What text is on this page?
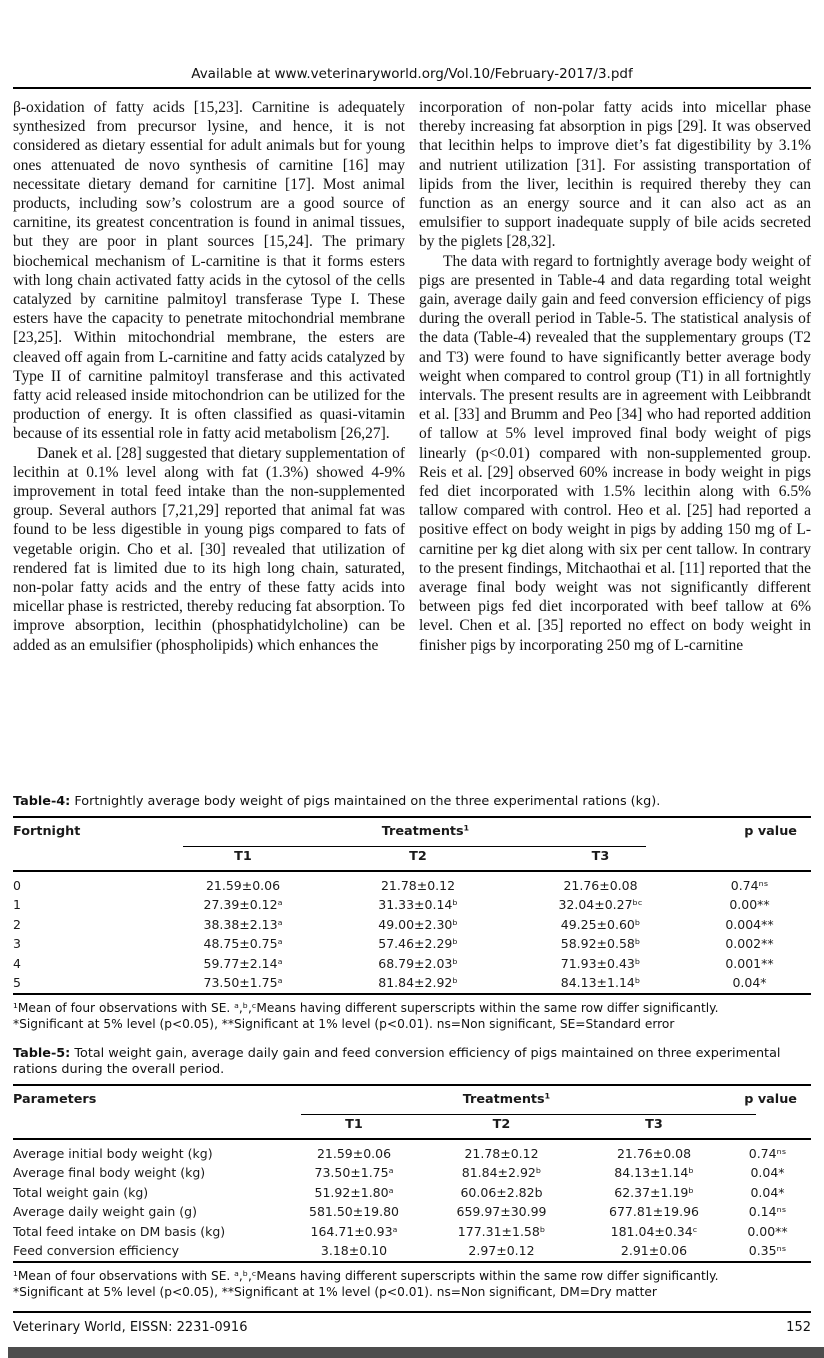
Available at www.veterinaryworld.org/Vol.10/February-2017/3.pdf

β-oxidation of fatty acids [15,23]. Carnitine is adequately synthesized from precursor lysine, and hence, it is not considered as dietary essential for adult animals but for young ones attenuated de novo synthesis of carnitine [16] may necessitate dietary demand for carnitine [17]. Most animal products, including sow’s colostrum are a good source of carnitine, its greatest concentration is found in animal tissues, but they are poor in plant sources [15,24]. The primary biochemical mechanism of L-carnitine is that it forms esters with long chain activated fatty acids in the cytosol of the cells catalyzed by carnitine palmitoyl transferase Type I. These esters have the capacity to penetrate mitochondrial membrane [23,25]. Within mitochondrial membrane, the esters are cleaved off again from L-carnitine and fatty acids catalyzed by Type II of carnitine palmitoyl transferase and this activated fatty acid released inside mitochondrion can be utilized for the production of energy. It is often classified as quasi-vitamin because of its essential role in fatty acid metabolism [26,27].

Danek et al. [28] suggested that dietary supplementation of lecithin at 0.1% level along with fat (1.3%) showed 4-9% improvement in total feed intake than the non-supplemented group. Several authors [7,21,29] reported that animal fat was found to be less digestible in young pigs compared to fats of vegetable origin. Cho et al. [30] revealed that utilization of rendered fat is limited due to its high long chain, saturated, non-polar fatty acids and the entry of these fatty acids into micellar phase is restricted, thereby reducing fat absorption. To improve absorption, lecithin (phosphatidylcholine) can be added as an emulsifier (phospholipids) which enhances the

incorporation of non-polar fatty acids into micellar phase thereby increasing fat absorption in pigs [29]. It was observed that lecithin helps to improve diet’s fat digestibility by 3.1% and nutrient utilization [31]. For assisting transportation of lipids from the liver, lecithin is required thereby they can function as an energy source and it can also act as an emulsifier to support inadequate supply of bile acids secreted by the piglets [28,32].

The data with regard to fortnightly average body weight of pigs are presented in Table-4 and data regarding total weight gain, average daily gain and feed conversion efficiency of pigs during the overall period in Table-5. The statistical analysis of the data (Table-4) revealed that the supplementary groups (T2 and T3) were found to have significantly better average body weight when compared to control group (T1) in all fortnightly intervals. The present results are in agreement with Leibbrandt et al. [33] and Brumm and Peo [34] who had reported addition of tallow at 5% level improved final body weight of pigs linearly (p<0.01) compared with non-supplemented group. Reis et al. [29] observed 60% increase in body weight in pigs fed diet incorporated with 1.5% lecithin along with 6.5% tallow compared with control. Heo et al. [25] had reported a positive effect on body weight in pigs by adding 150 mg of L-carnitine per kg diet along with six per cent tallow. In contrary to the present findings, Mitchaothai et al. [11] reported that the average final body weight was not significantly different between pigs fed diet incorporated with beef tallow at 6% level. Chen et al. [35] reported no effect on body weight in finisher pigs by incorporating 250 mg of L-carnitine

Table-4: Fortnightly average body weight of pigs maintained on the three experimental rations (kg).
Fortnight	Treatments¹	p value
T1	T2	T3
0	21.59±0.06	21.78±0.12	21.76±0.08	0.74ⁿˢ
1	27.39±0.12ᵃ	31.33±0.14ᵇ	32.04±0.27ᵇᶜ	0.00**
2	38.38±2.13ᵃ	49.00±2.30ᵇ	49.25±0.60ᵇ	0.004**
3	48.75±0.75ᵃ	57.46±2.29ᵇ	58.92±0.58ᵇ	0.002**
4	59.77±2.14ᵃ	68.79±2.03ᵇ	71.93±0.43ᵇ	0.001**
5	73.50±1.75ᵃ	81.84±2.92ᵇ	84.13±1.14ᵇ	0.04*
¹Mean of four observations with SE. ᵃ,ᵇ,ᶜMeans having different superscripts within the same row differ significantly.
*Significant at 5% level (p<0.05), **Significant at 1% level (p<0.01). ns=Non significant, SE=Standard error
Table-5: Total weight gain, average daily gain and feed conversion efficiency of pigs maintained on three experimental rations during the overall period.
Parameters	Treatments¹	p value
T1	T2	T3
Average initial body weight (kg)	21.59±0.06	21.78±0.12	21.76±0.08	0.74ⁿˢ
Average final body weight (kg)	73.50±1.75ᵃ	81.84±2.92ᵇ	84.13±1.14ᵇ	0.04*
Total weight gain (kg)	51.92±1.80ᵃ	60.06±2.82b	62.37±1.19ᵇ	0.04*
Average daily weight gain (g)	581.50±19.80	659.97±30.99	677.81±19.96	0.14ⁿˢ
Total feed intake on DM basis (kg)	164.71±0.93ᵃ	177.31±1.58ᵇ	181.04±0.34ᶜ	0.00**
Feed conversion efficiency	3.18±0.10	2.97±0.12	2.91±0.06	0.35ⁿˢ
¹Mean of four observations with SE. ᵃ,ᵇ,ᶜMeans having different superscripts within the same row differ significantly.
*Significant at 5% level (p<0.05), **Significant at 1% level (p<0.01). ns=Non significant, DM=Dry matter
Veterinary World, EISSN: 2231-0916	152
